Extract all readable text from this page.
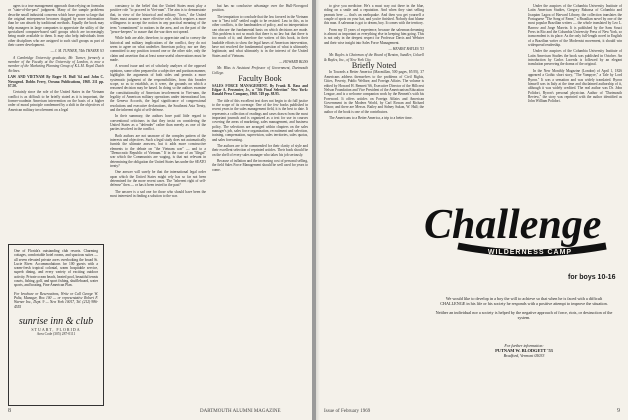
agers to a true management approach than relying on formulas or "state-of-the-past" judgment. Many of the sample problems describe small industrial concerns which have grown so large that the original entrepreneur becomes dogged by more information than he can absorb by traditional methods. Equally the book may help managers in large companies to appreciate the utility of the specialized computer-based staff groups which are increasingly being made available to them. It may also help individuals from other disciplines who are assigned to such staff groups as part of their career development.

— J. M. TUNNER, 74th THAYER '63

A Cambridge University graduate, Mr. Turner, formerly a member of the Faculty at the University of London, is now a member of the Marketing Planning Group of K.L.M. Royal Dutch Airlines.

LAW AND VIETNAM By Roger H. Hull '64 and John C. Novogrod. Dobbs Ferry, Oceana Publications, 1968. 211 pp. $7.50.

Certainly since the role of the United States in the Vietnam conflict is as difficult to be briefly stated as it is important, the former-coadmin American intervention on the basis of a higher order of moral principle condemned by a shift in the objectives of American military involvement on a legal

One of Florida's outstanding club resorts. Charming cottages, comfortable hotel rooms, and spacious suites — all seven elevated private acres overlooking the broad St. Lucie River. Accommodations for 100 guests with a warm-fresh tropical colonial, warm hospitable service, superb dining, and every variety of exciting outdoor activity. Private ocean beach, heated pool, beautiful tennis courts, fishing, golf, and sport fishing, shuffleboard, water sports, and boating. Fine American Plan.
For brochure or Reservations, Write or Call George W. Pultz, Manager, Box 100 — or representative Robert F. Warner Inc., Dept. 9 — New York 10017, Tel. (212) 986-4555
sunrise inn & club
STUART, FLORIDA
Area Code (305) 287-0111

constancy to the belief that the United States must play a positive role "to proceed in Viet-nam". The aim is to demonstrate that, in view of the historical and military "facts," the United States must assume a more effective role, which requires a more willingness to accept the notion in any practical meaning of the term "commitment" to nations in the area, and on the part of the "peace-keepers" to assure that the war does not spread.

While both are able, therefore, to appreciate and to convey the historical and military implications of the conflict, they do not seem to agree on what underlies American policy, nor are they committed to any position toward one or the other side, only the claim and assertion that at least some useful observations must be made.

A second issue and set of scholarly analyses of the opposed opinions, some often prepared in a subjective and partisan manner, highlights the arguments of both sides and permits a more systematic judgment of the responsibilities, from this broader scope, so as to establish, as it were, the grounds on which a reasoned decision may be based. In doing so the authors examine the constitutionality of American involvement in Viet-nam, the legality of American military operations under international law, the Geneva Accords, the legal significance of congressional resolutions and executive declarations, the Southeast Asia Treaty, and the inherent right of self-defense.

In their summary, the authors have paid little regard to conventional criticisms in that they insist on considering the United States as a "defender" rather than merely as one of the parties involved in the conflict.

Both authors are not unaware of the complex pattern of the interests and objectives. Such a legal study does not automatically furnish the ultimate answers, but it adds more constructive elements to the debate on "the Vietnam war" — and to a "Democratic Republic of Vietnam." If in the case of an "illegal" war which the Communists are waging, is that not relevant in determining the obligation the United States has under the SEATO treaty?

One answer will surely be that the international legal order upon which the United States might rely has so far not been determined for the more recent cases. The "inherent right of self-defense" then — or has it been tested in the past?

The answer is a sad one for those who should have been the most interested in finding a solution to the war.

but has no conclusive advantage over the Hull-Novogrod position.

The temptation to conclude that the law favored in the Vietnam war is "best told" settled ought to be resisted. Law in this, as in other conflicts, is the handmaiden of policy, and no interpretation can obscure the fundamental basis on which decisions are made. This problem is not so much that there is no law but that there is too much of it; and therefore the writers of this book, in their laudable efforts to show the legal bases of American intervention, have not resolved the fundamental question of what is ultimately legitimate, and what ultimately is in the interest of the United States and of Vietnam.

— HOWARD BLISS

Mr. Bliss is Assistant Professor of Government, Dartmouth College.

Faculty Book

SALES FORCE MANAGEMENT. By Frank R. Bass and Edgar A. Pessemier, Jr., a "5th Final Selection" New York: Ronald Press Company, 1968. 749 pp. $8.95.

The title of this excellent text does not begin to do full justice to the scope of its coverage. One of the few books published in recent years in the sales management field, it is the best to date. It represents a collection of readings and cases drawn from the most important journals and is organized as a text for use in courses covering the areas of marketing, sales management, and business policy. The selections are arranged within chapters on the sales manager's job, sales force organization, recruitment and selection, training, compensation, supervision, sales territories, sales quotas, and sales forecasting.

The authors are to be commended for their clarity of style and their excellent selection of reprinted articles. Their book should be on the shelf of every sales manager who takes his job seriously.

Because of inflation and the increasing cost of personal selling, the field Sales Force Management should be well used for years to come.

8	DARTMOUTH ALUMNI MAGAZINE

to give you medicine. He's a must way out there in the blue, riding on a smile and a reputation. And when they start selling peanuts here — that's an earthquake. And then you get yourself a couple of spots on your hat, and you're finished. Nobody dast blame this man. A salesman is got to dream, boy. It comes with the territory.

From my 15 years of experience, because the salesman dreaming is almost as important as everything else in keeping him going. This is not only in the deepest respect for Professor Davis and Webster and their wise insight into Sales Force Management.

— HEARST BAYLES '53

Mr. Bayles is Chairman of the Board of Benton, Sandler, Colwell & Bayles, Inc., of New York City.

Briefly Noted

In Towards a Better America (Macmillan, 500 pages, $5.95), 37 Americans address themselves to the problems of Civil Rights, Cities, Poverty, Public Welfare, and Foreign Affairs. The volume is edited by Howard H. Bennett '66, Executive Director of the Hillcrest Nelson Foundation and Vice President of the Americanism Education League, and is a welcome companion work by the Bennett's with his Foreword. It offers articles on Foreign Affairs and American Government in the Modern World, by Carl Rowan and Richard Nixon; and there are Messrs. Bailey and Sidney Sukon, W. Hall; the author of the book is one of the contributors.

The Americans to a Better America, a trip to a better time.

Under the auspices of the Columbia University Institute of Latin American Studies, Gregory Rabassa of Columbia and Joaquim Lagoa of Harvard Library, the collection translates the Portuguese "The Song of Fame," a Brazilian novel by one of the most popular Brazilian writers — the whole translated by Leo L. Barrow and Jorge Marvin. It is published by the Sans Souci Press in Rio and the Columbia University Press of New York, so transcendent is its place. As the only full-length novel in English of a Brazilian writer of the Modernist movement, it should win widespread readership.

Under the auspices of the Columbia University Institute of Latin American Studies the book was published in October. An introduction by Carlos Lacerda is followed by an elegant translation preserving the drama of the original.

In the New Monthly Magazine (London) of April 1, 1826 appeared a Gothic short story, "The Vampyre," a Tale by Lord Byron." It was a sensation and was widely translated. Byron himself was in Italy at the time and disclaimed authorship of it, although it was widely credited. The real author was Dr. John Polidori, Byron's personal physician. Author of "Dartmouth Review," the story was reprinted with the author identified as John William Polidori.

Challenge
WILDERNESS CAMP
for boys 10-16

We would like to develop in a boy the will to achieve so that when he is faced with a difficult CHALLENGE in his life or his society he responds with a positive attempt to improve the situation.

Neither an individual nor a society is helped by the negative approach of force, riots, or destruction of the system.

For further information:
PUTNAM W. BLODGETT '53
Bradford, Vermont 05033
Issue of February 1969	9
